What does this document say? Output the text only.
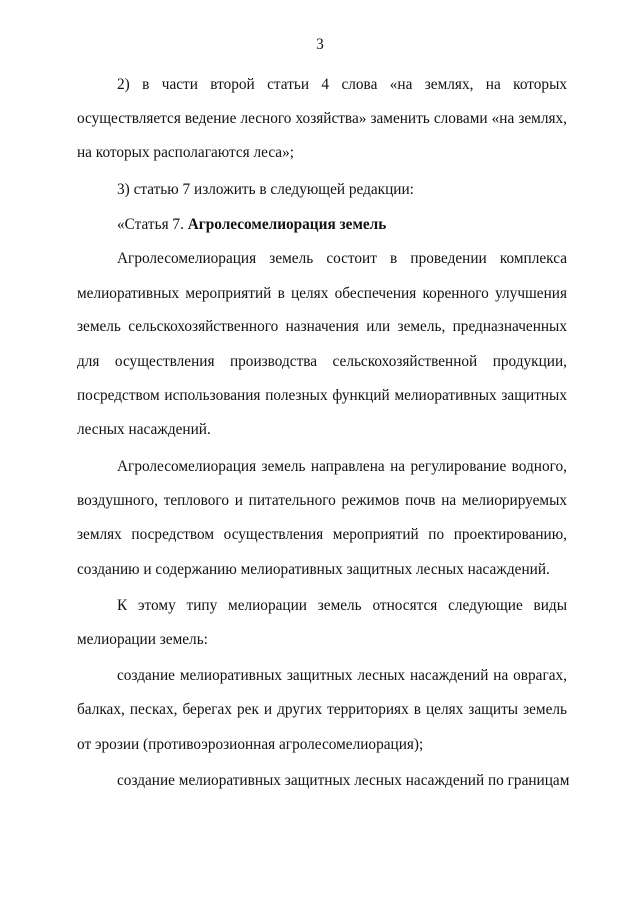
3
2) в части второй статьи 4 слова «на землях, на которых
осуществляется ведение лесного хозяйства» заменить словами «на землях,
на которых располагаются леса»;
3) статью 7 изложить в следующей редакции:
«Статья 7. Агролесомелиорация земель
Агролесомелиорация земель состоит в проведении комплекса
мелиоративных мероприятий в целях обеспечения коренного улучшения
земель сельскохозяйственного назначения или земель, предназначенных
для осуществления производства сельскохозяйственной продукции,
посредством использования полезных функций мелиоративных защитных
лесных насаждений.
Агролесомелиорация земель направлена на регулирование водного,
воздушного, теплового и питательного режимов почв на мелиорируемых
землях посредством осуществления мероприятий по проектированию,
созданию и содержанию мелиоративных защитных лесных насаждений.
К этому типу мелиорации земель относятся следующие виды
мелиорации земель:
создание мелиоративных защитных лесных насаждений на оврагах,
балках, песках, берегах рек и других территориях в целях защиты земель
от эрозии (противоэрозионная агролесомелиорация);
создание мелиоративных защитных лесных насаждений по границам
